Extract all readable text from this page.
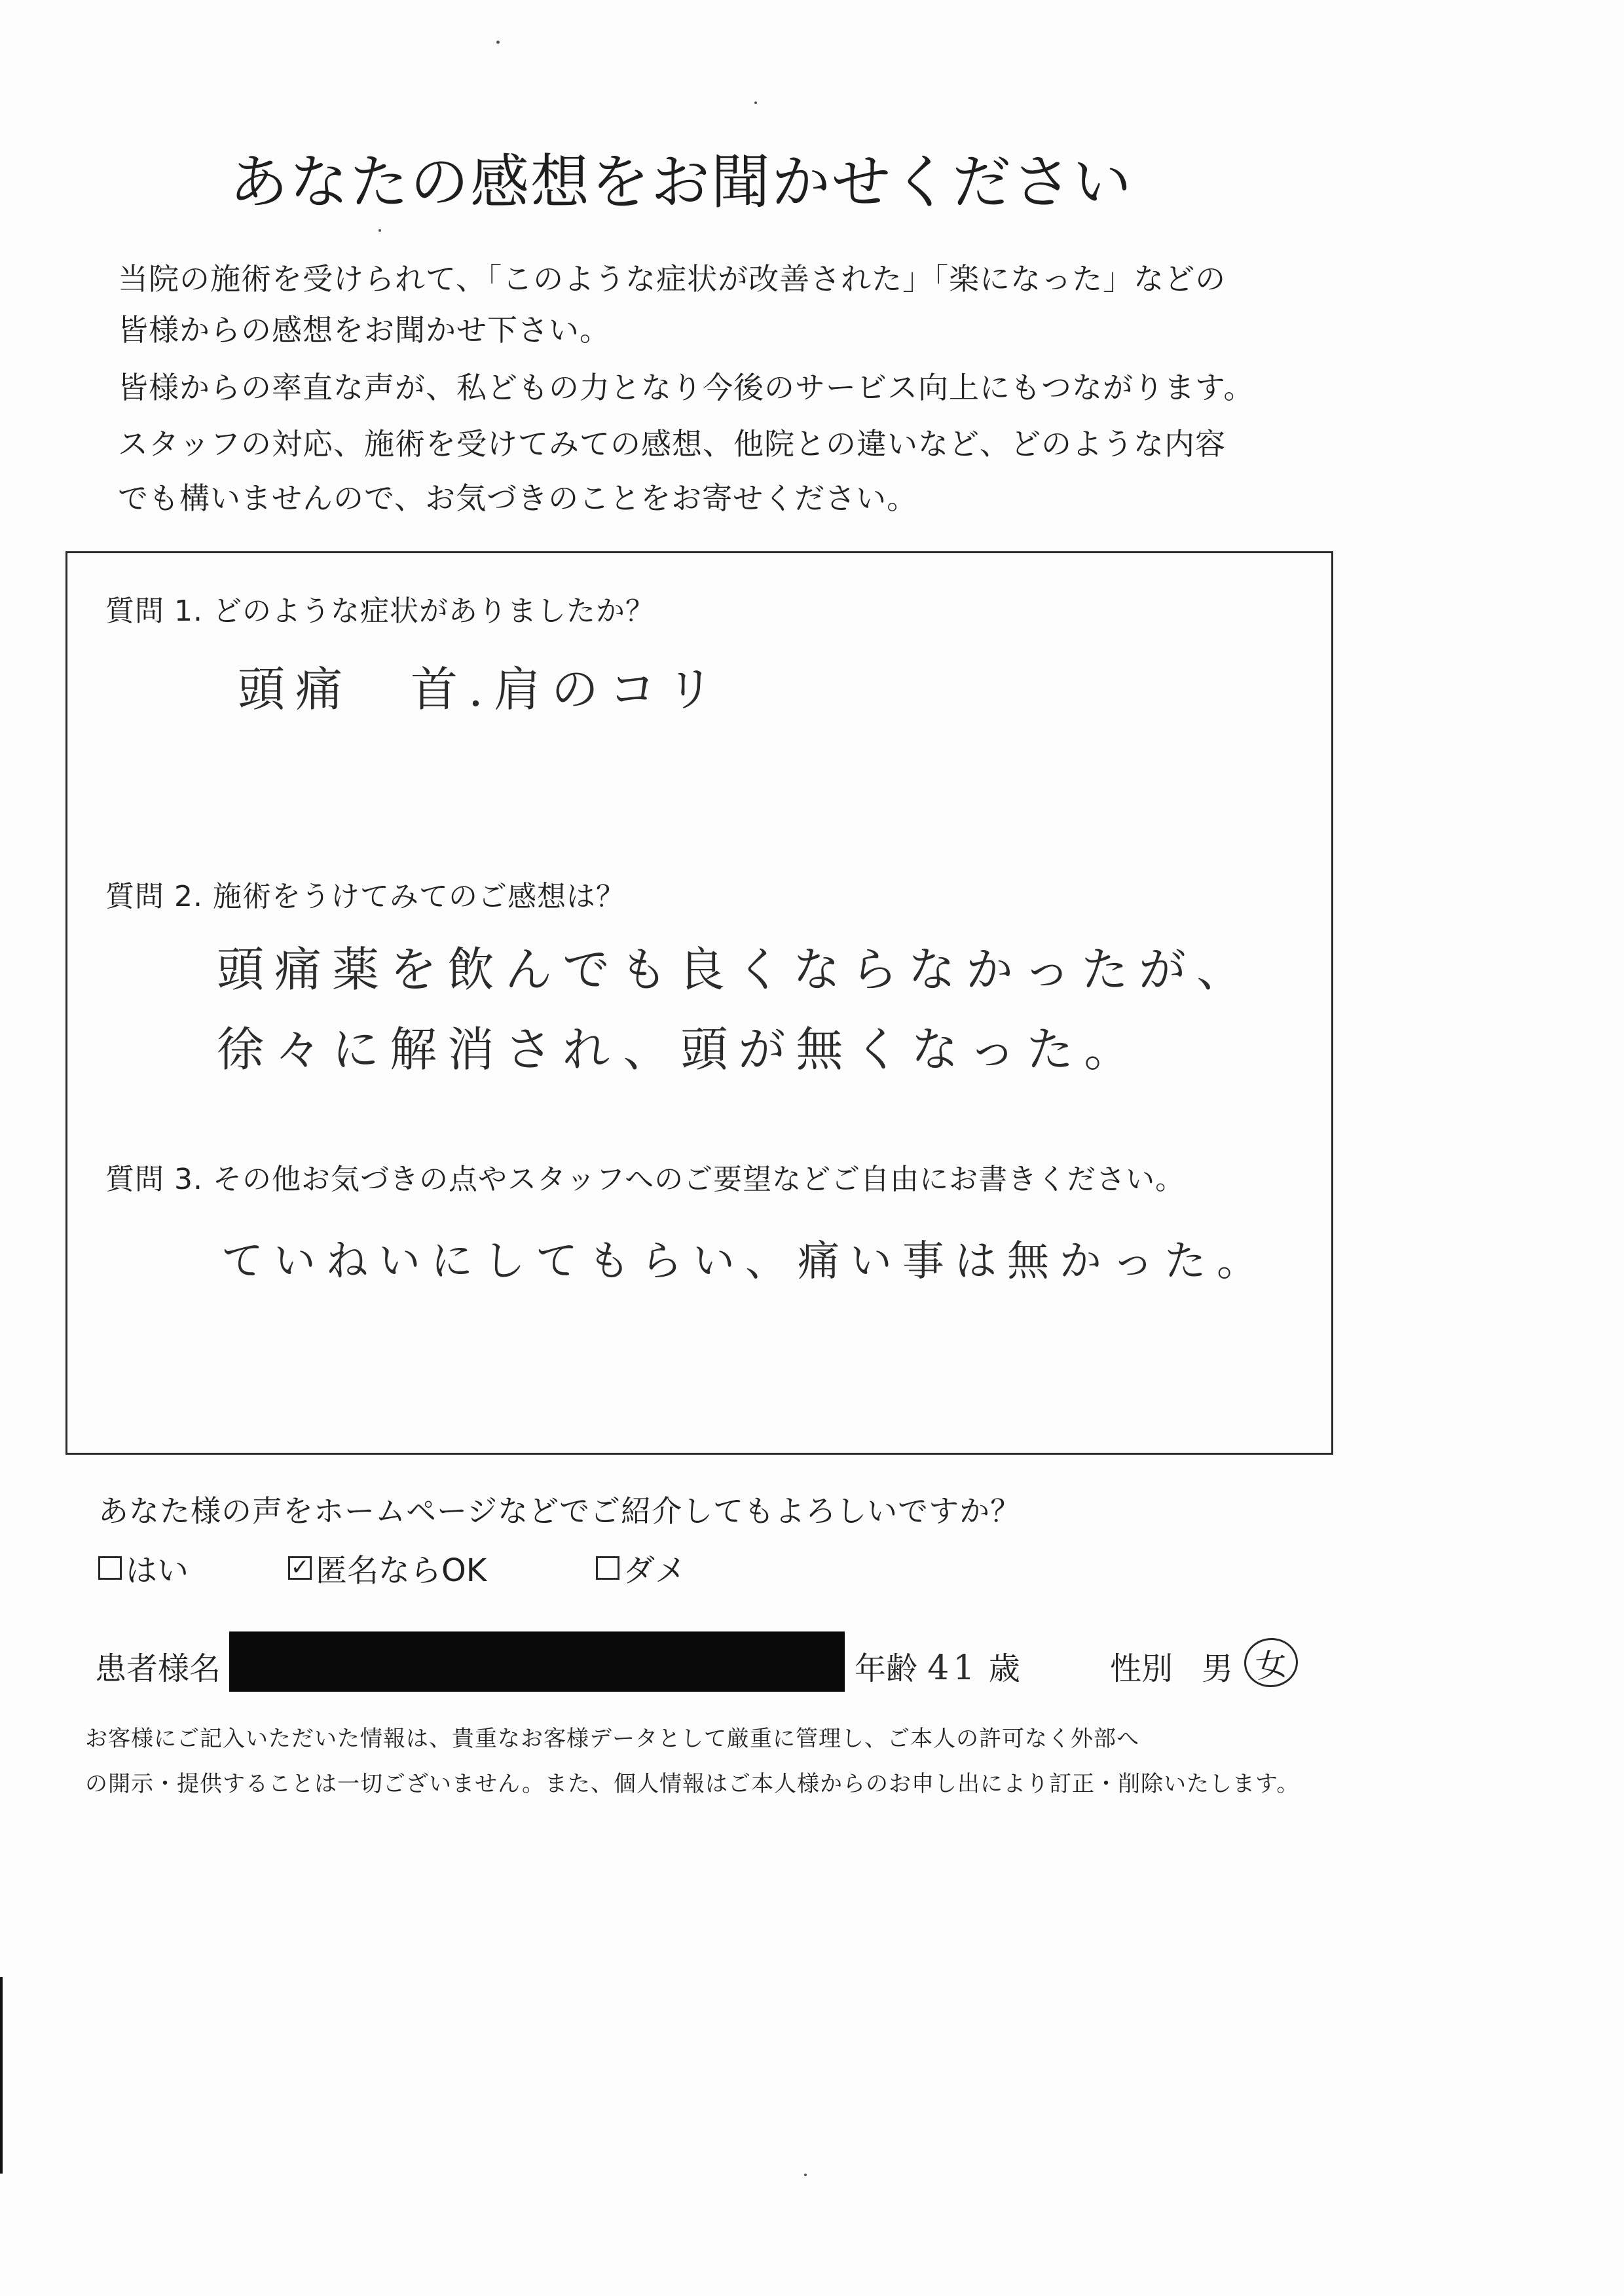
あなたの感想をお聞かせください
当院の施術を受けられて、「このような症状が改善された」「楽になった」などの
皆様からの感想をお聞かせ下さい。
皆様からの率直な声が、私どもの力となり今後のサービス向上にもつながります。
スタッフの対応、施術を受けてみての感想、他院との違いなど、どのような内容
でも構いませんので、お気づきのことをお寄せください。
質問 1. どのような症状がありましたか？
頭痛　首.肩のコリ
質問 2. 施術をうけてみてのご感想は？
頭痛薬を飲んでも良くならなかったが、
徐々に解消され、頭が無くなった。
質問 3. その他お気づきの点やスタッフへのご要望などご自由にお書きください。
ていねいにしてもらい、痛い事は無かった。
あなた様の声をホームページなどでご紹介してもよろしいですか？
はい	✓ 匿名ならOK	ダメ
患者様名	年齢 41 歳	性別 男 女
お客様にご記入いただいた情報は、貴重なお客様データとして厳重に管理し、ご本人の許可なく外部へ
の開示・提供することは一切ございません。また、個人情報はご本人様からのお申し出により訂正・削除いたします。
